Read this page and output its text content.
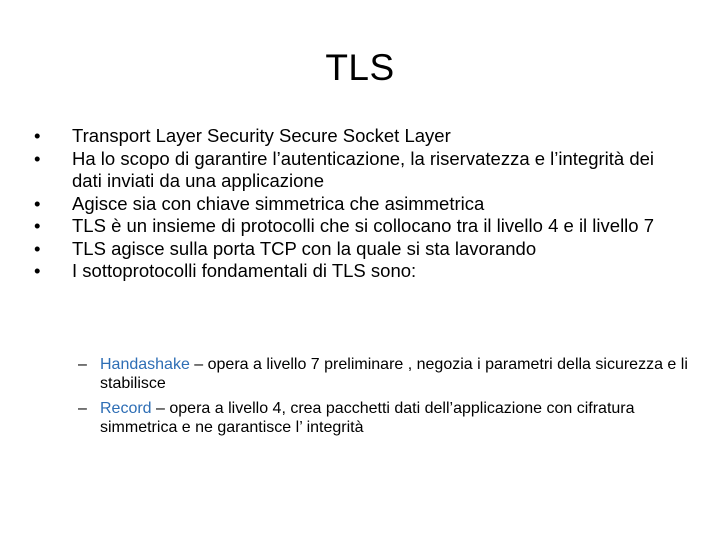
TLS
•	Transport Layer Security Secure Socket Layer
•	Ha lo scopo di garantire l’autenticazione, la riservatezza e l’integrità dei dati inviati da una applicazione
•	Agisce sia con chiave simmetrica che asimmetrica
•	TLS è un insieme di protocolli che si collocano tra il livello 4 e il livello 7
•	TLS agisce sulla porta TCP con la quale si sta lavorando
•	I sottoprotocolli fondamentali di TLS sono:
– Handashake – opera a livello 7 preliminare , negozia i parametri della sicurezza e li stabilisce
– Record – opera a livello 4, crea pacchetti dati dell’applicazione con cifratura simmetrica e ne garantisce l’ integrità
